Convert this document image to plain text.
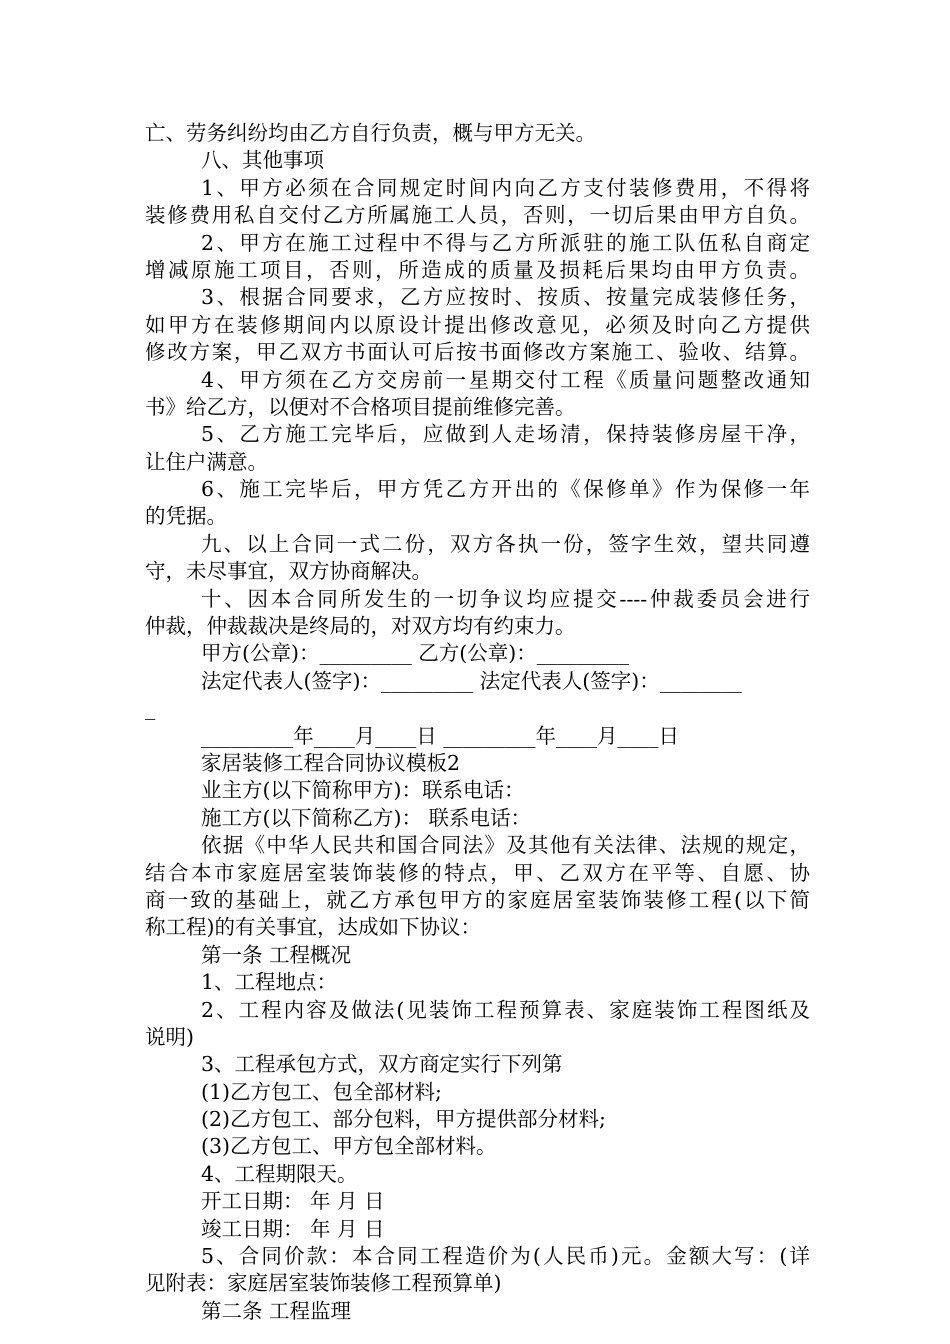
亡、劳务纠纷均由乙方自行负责，概与甲方无关。
八、其他事项
1、甲方必须在合同规定时间内向乙方支付装修费用，不得将
装修费用私自交付乙方所属施工人员，否则，一切后果由甲方自负。
2、甲方在施工过程中不得与乙方所派驻的施工队伍私自商定
增减原施工项目，否则，所造成的质量及损耗后果均由甲方负责。
3、根据合同要求，乙方应按时、按质、按量完成装修任务，
如甲方在装修期间内以原设计提出修改意见，必须及时向乙方提供
修改方案，甲乙双方书面认可后按书面修改方案施工、验收、结算。
4、甲方须在乙方交房前一星期交付工程《质量问题整改通知
书》给乙方，以便对不合格项目提前维修完善。
5、乙方施工完毕后，应做到人走场清，保持装修房屋干净，
让住户满意。
6、施工完毕后，甲方凭乙方开出的《保修单》作为保修一年
的凭据。
九、以上合同一式二份，双方各执一份，签字生效，望共同遵
守，未尽事宜，双方协商解决。
十、因本合同所发生的一切争议均应提交----仲裁委员会进行
仲裁，仲裁裁决是终局的，对双方均有约束力。
甲方(公章)：_________ 乙方(公章)：_________
法定代表人(签字)：_________ 法定代表人(签字)：________
_
_________年____月____日 _________年____月____日
家居装修工程合同协议模板2
业主方(以下简称甲方)：联系电话：
施工方(以下简称乙方)： 联系电话：
依据《中华人民共和国合同法》及其他有关法律、法规的规定，
结合本市家庭居室装饰装修的特点，甲、乙双方在平等、自愿、协
商一致的基础上，就乙方承包甲方的家庭居室装饰装修工程(以下简
称工程)的有关事宜，达成如下协议：
第一条 工程概况
1、工程地点：
2、工程内容及做法(见装饰工程预算表、家庭装饰工程图纸及
说明)
3、工程承包方式，双方商定实行下列第
(1)乙方包工、包全部材料;
(2)乙方包工、部分包料，甲方提供部分材料;
(3)乙方包工、甲方包全部材料。
4、工程期限天。
开工日期： 年 月 日
竣工日期： 年 月 日
5、合同价款：本合同工程造价为(人民币)元。金额大写：(详
见附表：家庭居室装饰装修工程预算单)
第二条 工程监理
